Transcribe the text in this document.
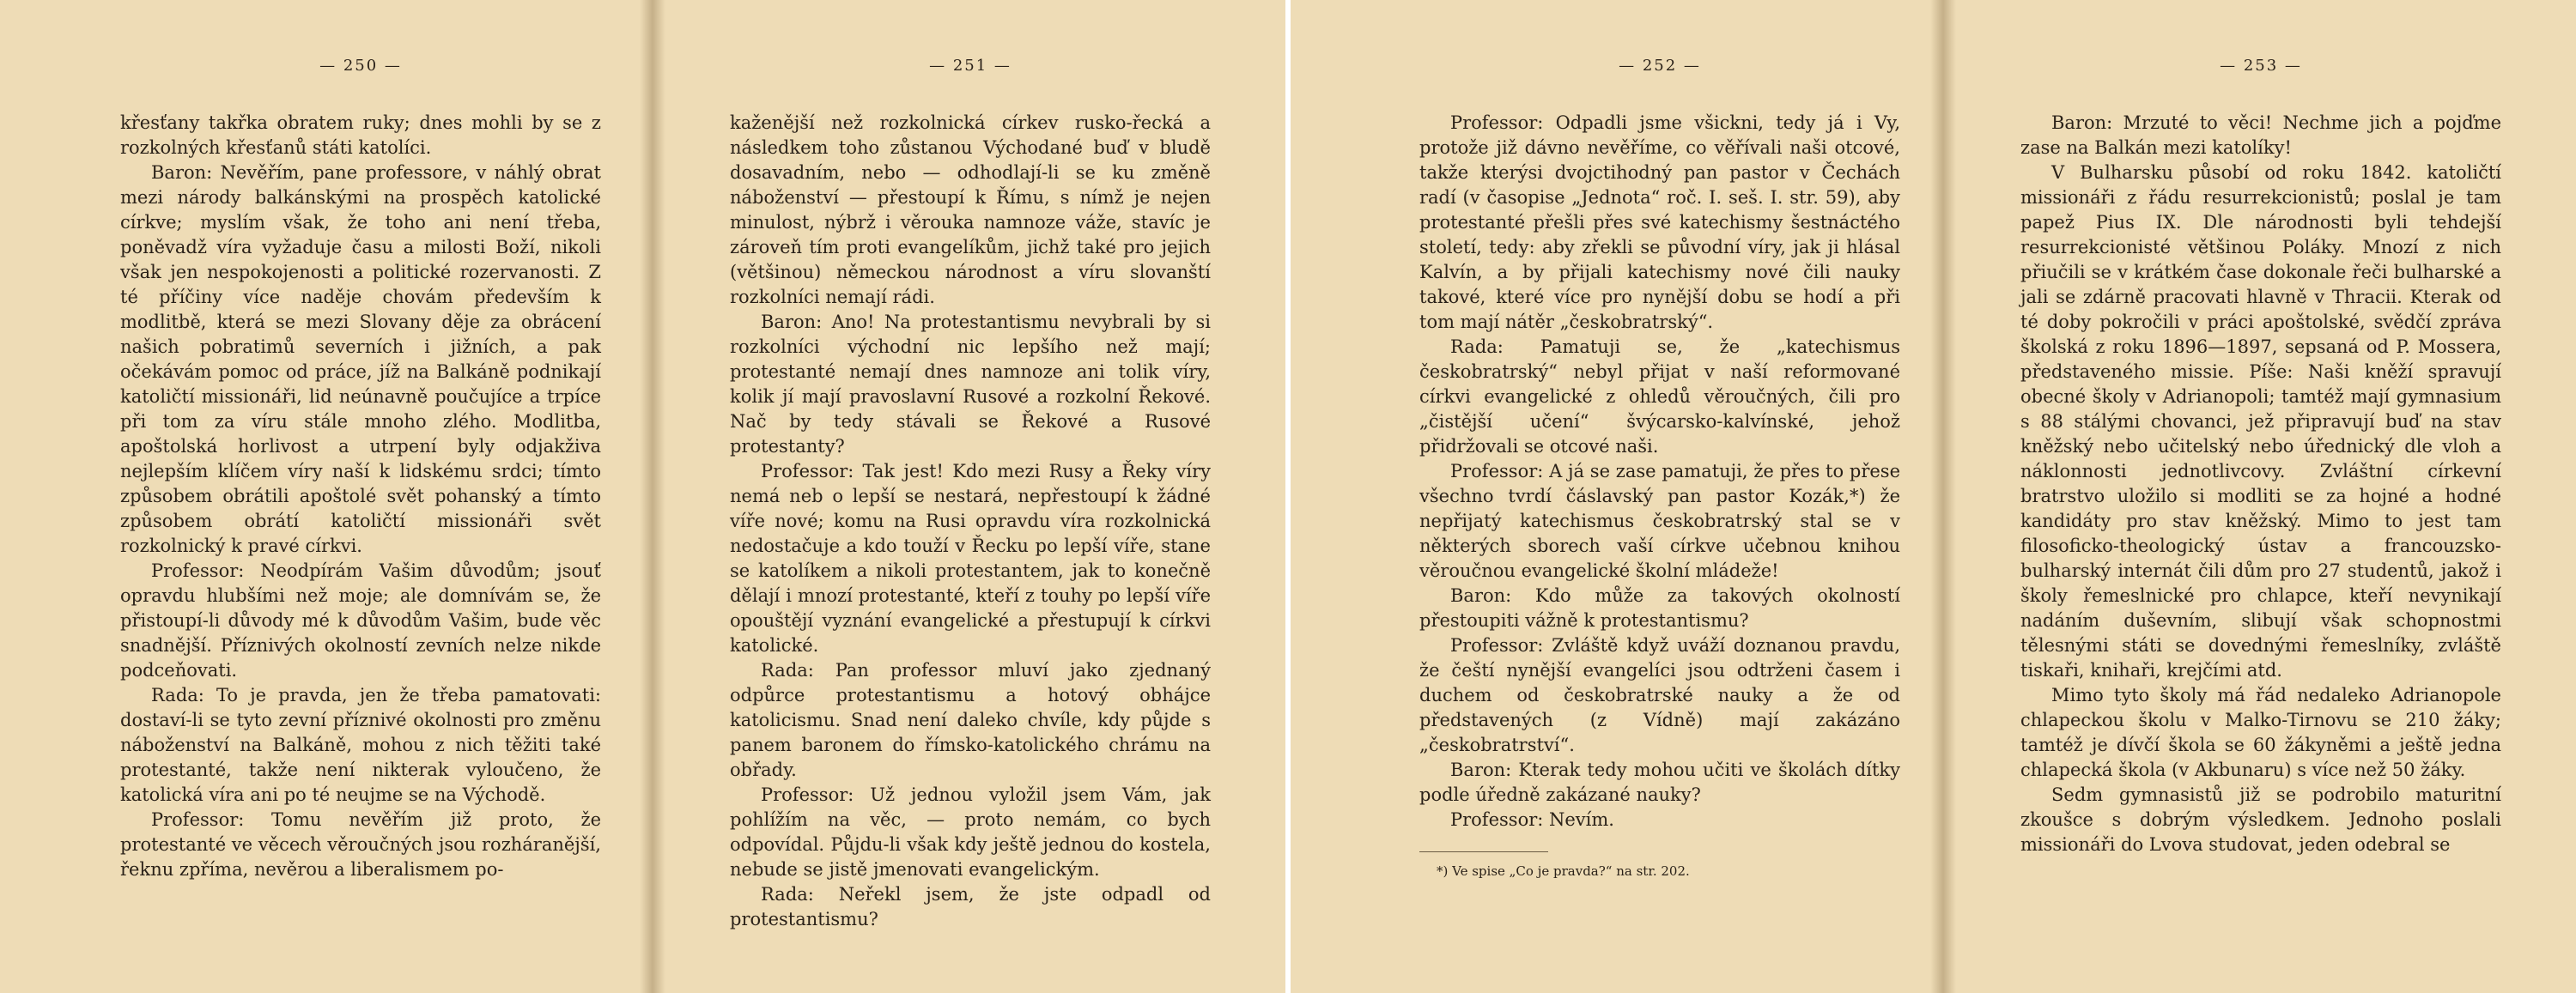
— 250 —

křesťany takřka obratem ruky; dnes mohli by se z rozkolných křesťanů státi katolíci.

Baron: Nevěřím, pane professore, v náhlý obrat mezi národy balkánskými na prospěch katolické církve; myslím však, že toho ani není třeba, poněvadž víra vyžaduje času a milosti Boží, nikoli však jen nespokojenosti a politické rozervanosti. Z té příčiny více naděje chovám především k modlitbě, která se mezi Slovany děje za obrácení našich pobratimů severních i jižních, a pak očekávám pomoc od práce, jíž na Balkáně podnikají katoličtí missionáři, lid neúnavně poučujíce a trpíce při tom za víru stále mnoho zlého. Modlitba, apoštolská horlivost a utrpení byly odjakživa nejlepším klíčem víry naší k lidskému srdci; tímto způsobem obrátili apoštolé svět pohanský a tímto způsobem obrátí katoličtí missionáři svět rozkolnický k pravé církvi.

Professor: Neodpírám Vašim důvodům; jsouť opravdu hlubšími než moje; ale domnívám se, že přistoupí-li důvody mé k důvodům Vašim, bude věc snadnější. Příznivých okolností zevních nelze nikde podceňovati.

Rada: To je pravda, jen že třeba pamatovati: dostaví-li se tyto zevní příznivé okolnosti pro změnu náboženství na Balkáně, mohou z nich těžiti také protestanté, takže není nikterak vyloučeno, že katolická víra ani po té neujme se na Východě.

Professor: Tomu nevěřím již proto, že protestanté ve věcech věroučných jsou rozháranější, řeknu zpříma, nevěrou a liberalismem po-

— 251 —

kaženější než rozkolnická církev rusko-řecká a následkem toho zůstanou Východané buď v bludě dosavadním, nebo — odhodlají-li se ku změně náboženství — přestoupí k Římu, s nímž je nejen minulost, nýbrž i věrouka namnoze váže, stavíc je zároveň tím proti evangelíkům, jichž také pro jejich (většinou) německou národnost a víru slovanští rozkolníci nemají rádi.

Baron: Ano! Na protestantismu nevybrali by si rozkolníci východní nic lepšího než mají; protestanté nemají dnes namnoze ani tolik víry, kolik jí mají pravoslavní Rusové a rozkolní Řekové. Nač by tedy stávali se Řekové a Rusové protestanty?

Professor: Tak jest! Kdo mezi Rusy a Řeky víry nemá neb o lepší se nestará, nepřestoupí k žádné víře nové; komu na Rusi opravdu víra rozkolnická nedostačuje a kdo touží v Řecku po lepší víře, stane se katolíkem a nikoli protestantem, jak to konečně dělají i mnozí protestanté, kteří z touhy po lepší víře opouštějí vyznání evangelické a přestupují k církvi katolické.

Rada: Pan professor mluví jako zjednaný odpůrce protestantismu a hotový obhájce katolicismu. Snad není daleko chvíle, kdy půjde s panem baronem do římsko-katolického chrámu na obřady.

Professor: Už jednou vyložil jsem Vám, jak pohlížím na věc, — proto nemám, co bych odpovídal. Půjdu-li však kdy ještě jednou do kostela, nebude se jistě jmenovati evangelickým.

Rada: Neřekl jsem, že jste odpadl od protestantismu?

— 252 —

Professor: Odpadli jsme všickni, tedy já i Vy, protože již dávno nevěříme, co věřívali naši otcové, takže kterýsi dvojctihodný pan pastor v Čechách radí (v časopise „Jednota“ roč. I. seš. I. str. 59), aby protestanté přešli přes své katechismy šestnáctého století, tedy: aby zřekli se původní víry, jak ji hlásal Kalvín, a by přijali katechismy nové čili nauky takové, které více pro nynější dobu se hodí a při tom mají nátěr „českobratrský“.

Rada: Pamatuji se, že „katechismus českobratrský“ nebyl přijat v naší reformované církvi evangelické z ohledů věroučných, čili pro „čistější učení“ švýcarsko-kalvínské, jehož přidržovali se otcové naši.

Professor: A já se zase pamatuji, že přes to přese všechno tvrdí čáslavský pan pastor Kozák,*) že nepřijatý katechismus českobratrský stal se v některých sborech vaší církve učebnou knihou věroučnou evangelické školní mládeže!

Baron: Kdo může za takových okolností přestoupiti vážně k protestantismu?

Professor: Zvláště když uváží doznanou pravdu, že čeští nynější evangelíci jsou odtrženi časem i duchem od českobratrské nauky a že od představených (z Vídně) mají zakázáno „českobratrství“.

Baron: Kterak tedy mohou učiti ve školách dítky podle úředně zakázané nauky?

Professor: Nevím.

*) Ve spise „Co je pravda?“ na str. 202.
— 253 —

Baron: Mrzuté to věci! Nechme jich a pojďme zase na Balkán mezi katolíky!

V Bulharsku působí od roku 1842. katoličtí missionáři z řádu resurrekcionistů; poslal je tam papež Pius IX. Dle národnosti byli tehdejší resurrekcionisté většinou Poláky. Mnozí z nich přiučili se v krátkém čase dokonale řeči bulharské a jali se zdárně pracovati hlavně v Thracii. Kterak od té doby pokročili v práci apoštolské, svědčí zpráva školská z roku 1896—1897, sepsaná od P. Mossera, představeného missie. Píše: Naši kněží spravují obecné školy v Adrianopoli; tamtéž mají gymnasium s 88 stálými chovanci, jež připravují buď na stav kněžský nebo učitelský nebo úřednický dle vloh a náklonnosti jednotlivcovy. Zvláštní církevní bratrstvo uložilo si modliti se za hojné a hodné kandidáty pro stav kněžský. Mimo to jest tam filosoficko-theologický ústav a francouzsko-bulharský internát čili dům pro 27 studentů, jakož i školy řemeslnické pro chlapce, kteří nevynikají nadáním duševním, slibují však schopnostmi tělesnými státi se dovednými řemeslníky, zvláště tiskaři, knihaři, krejčími atd.

Mimo tyto školy má řád nedaleko Adrianopole chlapeckou školu v Malko-Tirnovu se 210 žáky; tamtéž je dívčí škola se 60 žákyněmi a ještě jedna chlapecká škola (v Akbunaru) s více než 50 žáky.

Sedm gymnasistů již se podrobilo maturitní zkoušce s dobrým výsledkem. Jednoho poslali missionáři do Lvova studovat, jeden odebral se
